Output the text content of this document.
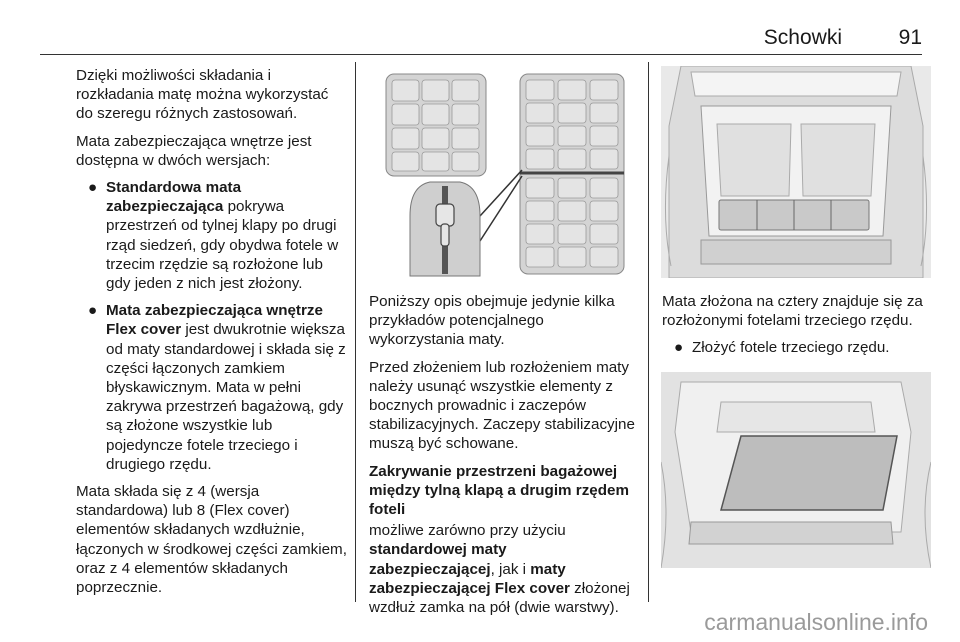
Schowki	91

Dzięki możliwości składania i rozkładania matę można wykorzystać do szeregu różnych zastosowań.

Mata zabezpieczająca wnętrze jest dostępna w dwóch wersjach:

● Standardowa mata zabezpieczająca pokrywa przestrzeń od tylnej klapy po drugi rząd siedzeń, gdy obydwa fotele w trzecim rzędzie są rozłożone lub gdy jeden z nich jest złożony.
● Mata zabezpieczająca wnętrze Flex cover jest dwukrotnie większa od maty standardowej i składa się z części łączonych zamkiem błyskawicznym. Mata w pełni zakrywa przestrzeń bagażową, gdy są złożone wszystkie lub pojedyncze fotele trzeciego i drugiego rzędu.

Mata składa się z 4 (wersja standardowa) lub 8 (Flex cover) elementów składanych wzdłużnie, łączonych w środkowej części zamkiem, oraz z 4 elementów składanych poprzecznie.

Poniższy opis obejmuje jedynie kilka przykładów potencjalnego wykorzystania maty.

Przed złożeniem lub rozłożeniem maty należy usunąć wszystkie elementy z bocznych prowadnic i zaczepów stabilizacyjnych. Zaczepy stabilizacyjne muszą być schowane.

Zakrywanie przestrzeni bagażowej między tylną klapą a drugim rzędem foteli

możliwe zarówno przy użyciu standardowej maty zabezpieczającej, jak i maty zabezpieczającej Flex cover złożonej wzdłuż zamka na pół (dwie warstwy).

Mata złożona na cztery znajduje się za rozłożonymi fotelami trzeciego rzędu.

● Złożyć fotele trzeciego rzędu.
carmanualsonline.info
